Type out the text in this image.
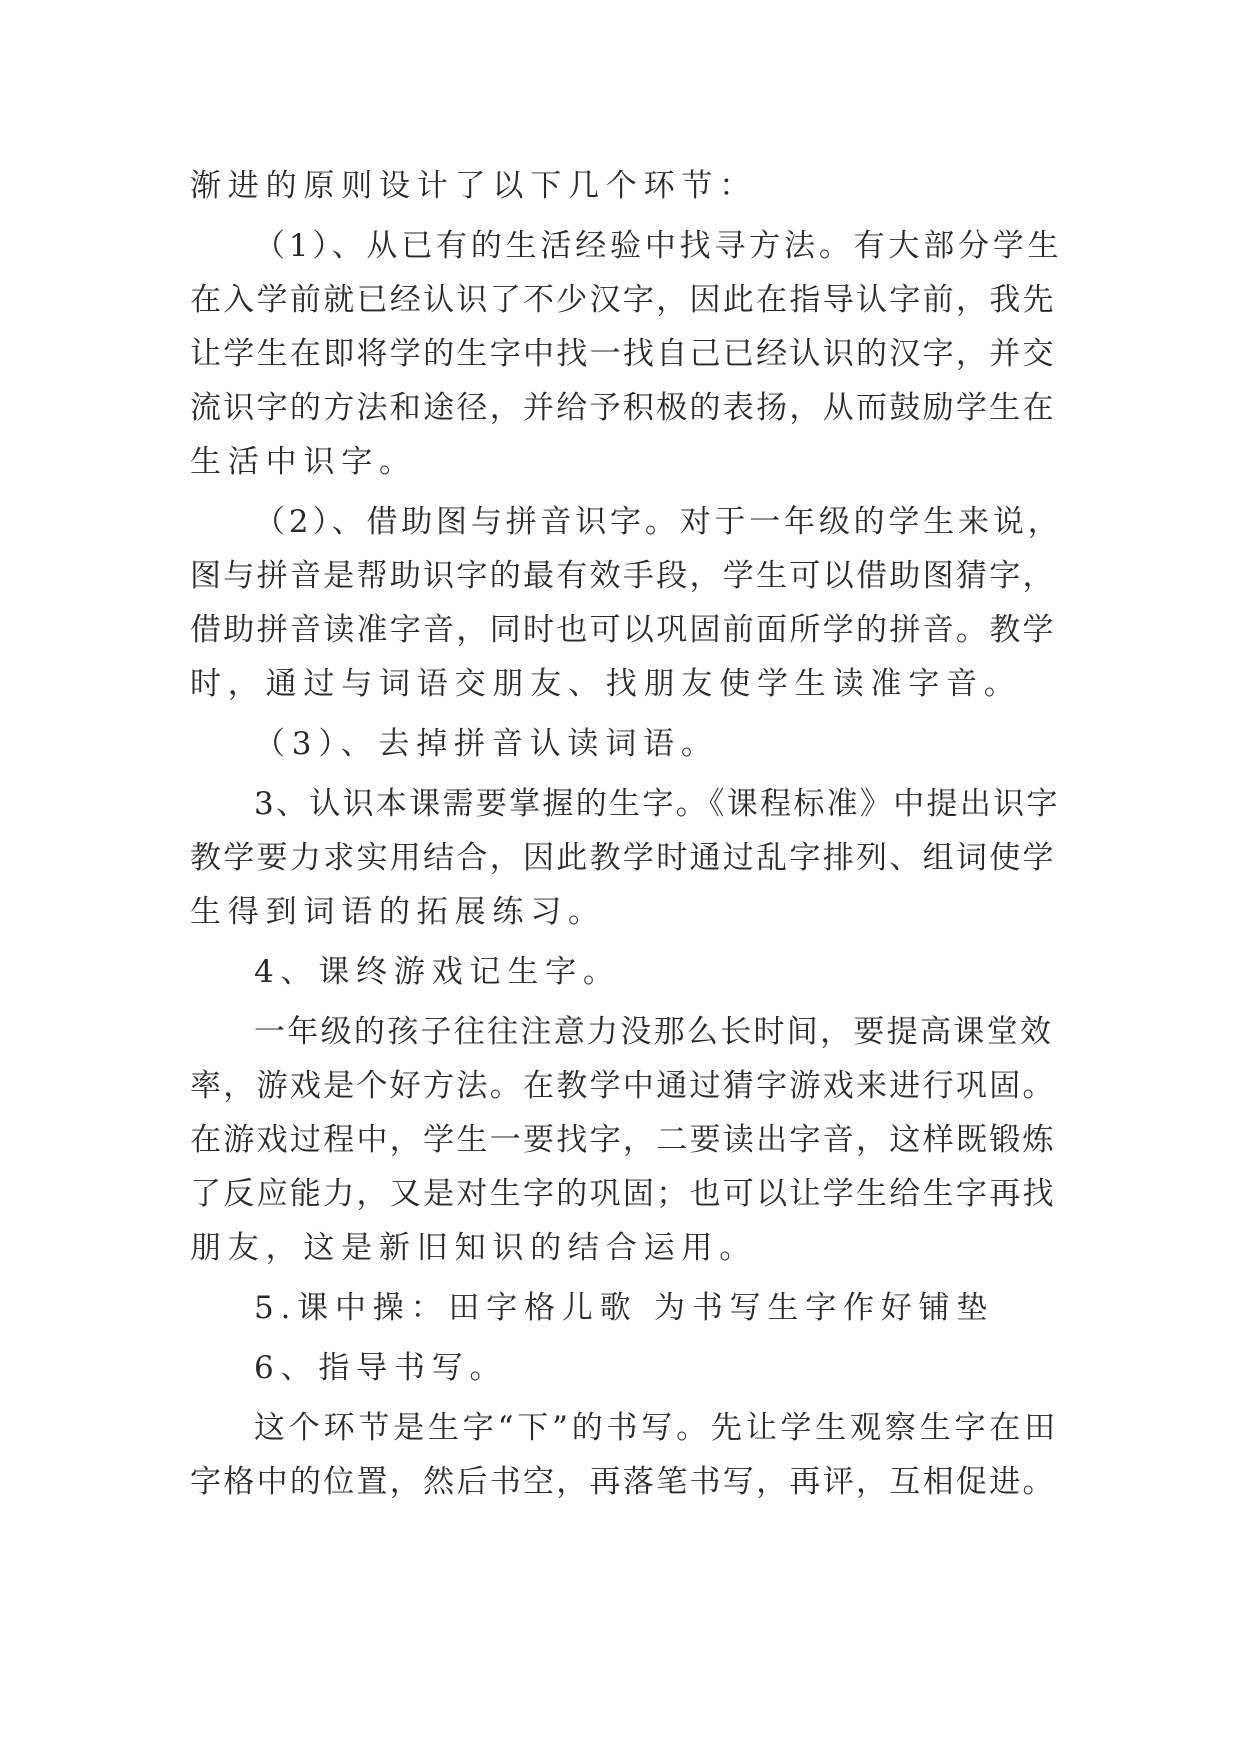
渐进的原则设计了以下几个环节：
（1）、从已有的生活经验中找寻方法。有大部分学生
在入学前就已经认识了不少汉字，因此在指导认字前，我先
让学生在即将学的生字中找一找自己已经认识的汉字，并交
流识字的方法和途径，并给予积极的表扬，从而鼓励学生在
生活中识字。
（2）、借助图与拼音识字。对于一年级的学生来说，
图与拼音是帮助识字的最有效手段，学生可以借助图猜字，
借助拼音读准字音，同时也可以巩固前面所学的拼音。教学
时，通过与词语交朋友、找朋友使学生读准字音。
（3）、去掉拼音认读词语。
3、认识本课需要掌握的生字。《课程标准》中提出识字
教学要力求实用结合，因此教学时通过乱字排列、组词使学
生得到词语的拓展练习。
4、课终游戏记生字。
一年级的孩子往往注意力没那么长时间，要提高课堂效
率，游戏是个好方法。在教学中通过猜字游戏来进行巩固。
在游戏过程中，学生一要找字，二要读出字音，这样既锻炼
了反应能力，又是对生字的巩固；也可以让学生给生字再找
朋友，这是新旧知识的结合运用。
5.课中操：田字格儿歌 为书写生字作好铺垫
6、指导书写。
这个环节是生字“下”的书写。先让学生观察生字在田
字格中的位置，然后书空，再落笔书写，再评，互相促进。
